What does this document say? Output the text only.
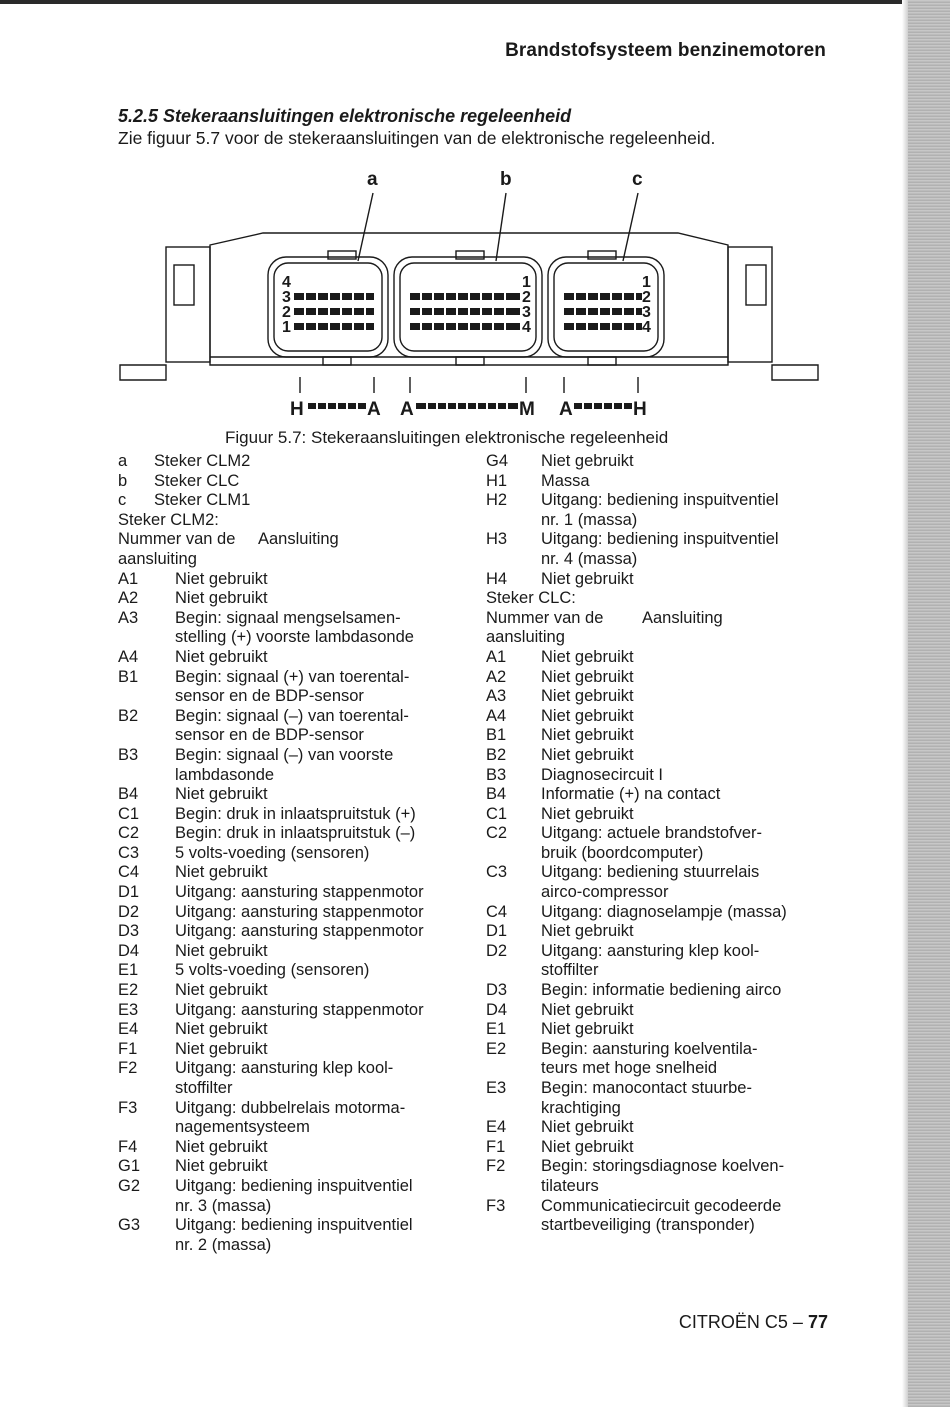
Brandstofsysteem benzinemotoren
5.2.5 Stekeraansluitingen elektronische regeleenheid
Zie figuur 5.7 voor de stekeraansluitingen van de elektronische regeleenheid.
a	b	c
4
3
2
1
1
2
3
4
1
2
3
4
H	A A	M A	H
Figuur 5.7: Stekeraansluitingen elektronische regeleenheid
a	Steker CLM2
b	Steker CLC
c	Steker CLM1
Steker CLM2:
Nummer van de	Aansluiting
aansluiting
A1	Niet gebruikt
A2	Niet gebruikt
A3	Begin: signaal mengselsamen-
stelling (+) voorste lambdasonde
A4	Niet gebruikt
B1	Begin: signaal (+) van toerental-
sensor en de BDP-sensor
B2	Begin: signaal (–) van toerental-
sensor en de BDP-sensor
B3	Begin: signaal (–) van voorste
lambdasonde
B4	Niet gebruikt
C1	Begin: druk in inlaatspruitstuk (+)
C2	Begin: druk in inlaatspruitstuk (–)
C3	5 volts-voeding (sensoren)
C4	Niet gebruikt
D1	Uitgang: aansturing stappenmotor
D2	Uitgang: aansturing stappenmotor
D3	Uitgang: aansturing stappenmotor
D4	Niet gebruikt
E1	5 volts-voeding (sensoren)
E2	Niet gebruikt
E3	Uitgang: aansturing stappenmotor
E4	Niet gebruikt
F1	Niet gebruikt
F2	Uitgang: aansturing klep kool-
stoffilter
F3	Uitgang: dubbelrelais motorma-
nagementsysteem
F4	Niet gebruikt
G1	Niet gebruikt
G2	Uitgang: bediening inspuitventiel
nr. 3 (massa)
G3	Uitgang: bediening inspuitventiel
nr. 2 (massa)
G4	Niet gebruikt
H1	Massa
H2	Uitgang: bediening inspuitventiel
nr. 1 (massa)
H3	Uitgang: bediening inspuitventiel
nr. 4 (massa)
H4	Niet gebruikt
Steker CLC:
Nummer van de	Aansluiting
aansluiting
A1	Niet gebruikt
A2	Niet gebruikt
A3	Niet gebruikt
A4	Niet gebruikt
B1	Niet gebruikt
B2	Niet gebruikt
B3	Diagnosecircuit I
B4	Informatie (+) na contact
C1	Niet gebruikt
C2	Uitgang: actuele brandstofver-
bruik (boordcomputer)
C3	Uitgang: bediening stuurrelais
airco-compressor
C4	Uitgang: diagnoselampje (massa)
D1	Niet gebruikt
D2	Uitgang: aansturing klep kool-
stoffilter
D3	Begin: informatie bediening airco
D4	Niet gebruikt
E1	Niet gebruikt
E2	Begin: aansturing koelventila-
teurs met hoge snelheid
E3	Begin: manocontact stuurbe-
krachtiging
E4	Niet gebruikt
F1	Niet gebruikt
F2	Begin: storingsdiagnose koelven-
tilateurs
F3	Communicatiecircuit gecodeerde
startbeveiliging (transponder)
CITROËN C5 – 77
